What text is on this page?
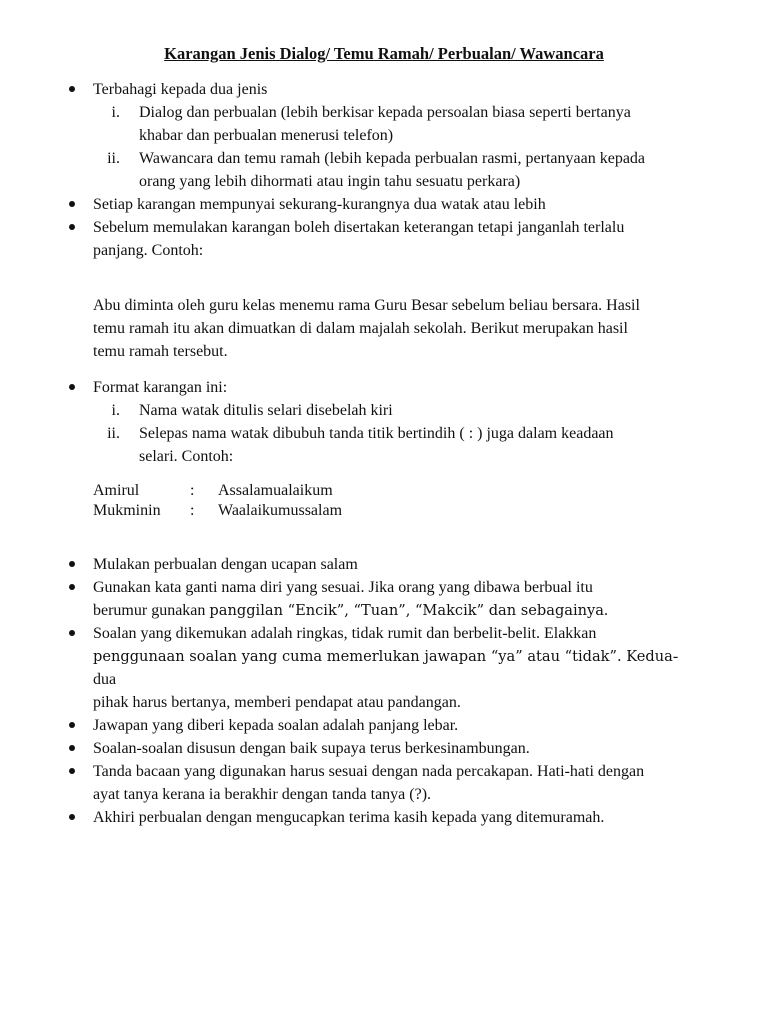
Karangan Jenis Dialog/ Temu Ramah/ Perbualan/ Wawancara
Terbahagi kepada dua jenis
i. Dialog dan perbualan (lebih berkisar kepada persoalan biasa seperti bertanya
khabar dan perbualan menerusi telefon)
ii. Wawancara dan temu ramah (lebih kepada perbualan rasmi, pertanyaan kepada
orang yang lebih dihormati atau ingin tahu sesuatu perkara)
Setiap karangan mempunyai sekurang-kurangnya dua watak atau lebih
Sebelum memulakan karangan boleh disertakan keterangan tetapi janganlah terlalu
panjang. Contoh:
Abu diminta oleh guru kelas menemu rama Guru Besar sebelum beliau bersara. Hasil
temu ramah itu akan dimuatkan di dalam majalah sekolah. Berikut merupakan hasil
temu ramah tersebut.
Format karangan ini:
i. Nama watak ditulis selari disebelah kiri
ii. Selepas nama watak dibubuh tanda titik bertindih ( : ) juga dalam keadaan
selari. Contoh:
Amirul	: Assalamualaikum
Mukminin : Waalaikumussalam
Mulakan perbualan dengan ucapan salam
Gunakan kata ganti nama diri yang sesuai. Jika orang yang dibawa berbual itu
berumur gunakan panggilan “Encik”, “Tuan”, “Makcik” dan sebagainya.
Soalan yang dikemukan adalah ringkas, tidak rumit dan berbelit-belit. Elakkan
penggunaan soalan yang cuma memerlukan jawapan “ya” atau “tidak”. Kedua-dua
pihak harus bertanya, memberi pendapat atau pandangan.
Jawapan yang diberi kepada soalan adalah panjang lebar.
Soalan-soalan disusun dengan baik supaya terus berkesinambungan.
Tanda bacaan yang digunakan harus sesuai dengan nada percakapan. Hati-hati dengan
ayat tanya kerana ia berakhir dengan tanda tanya (?).
Akhiri perbualan dengan mengucapkan terima kasih kepada yang ditemuramah.
